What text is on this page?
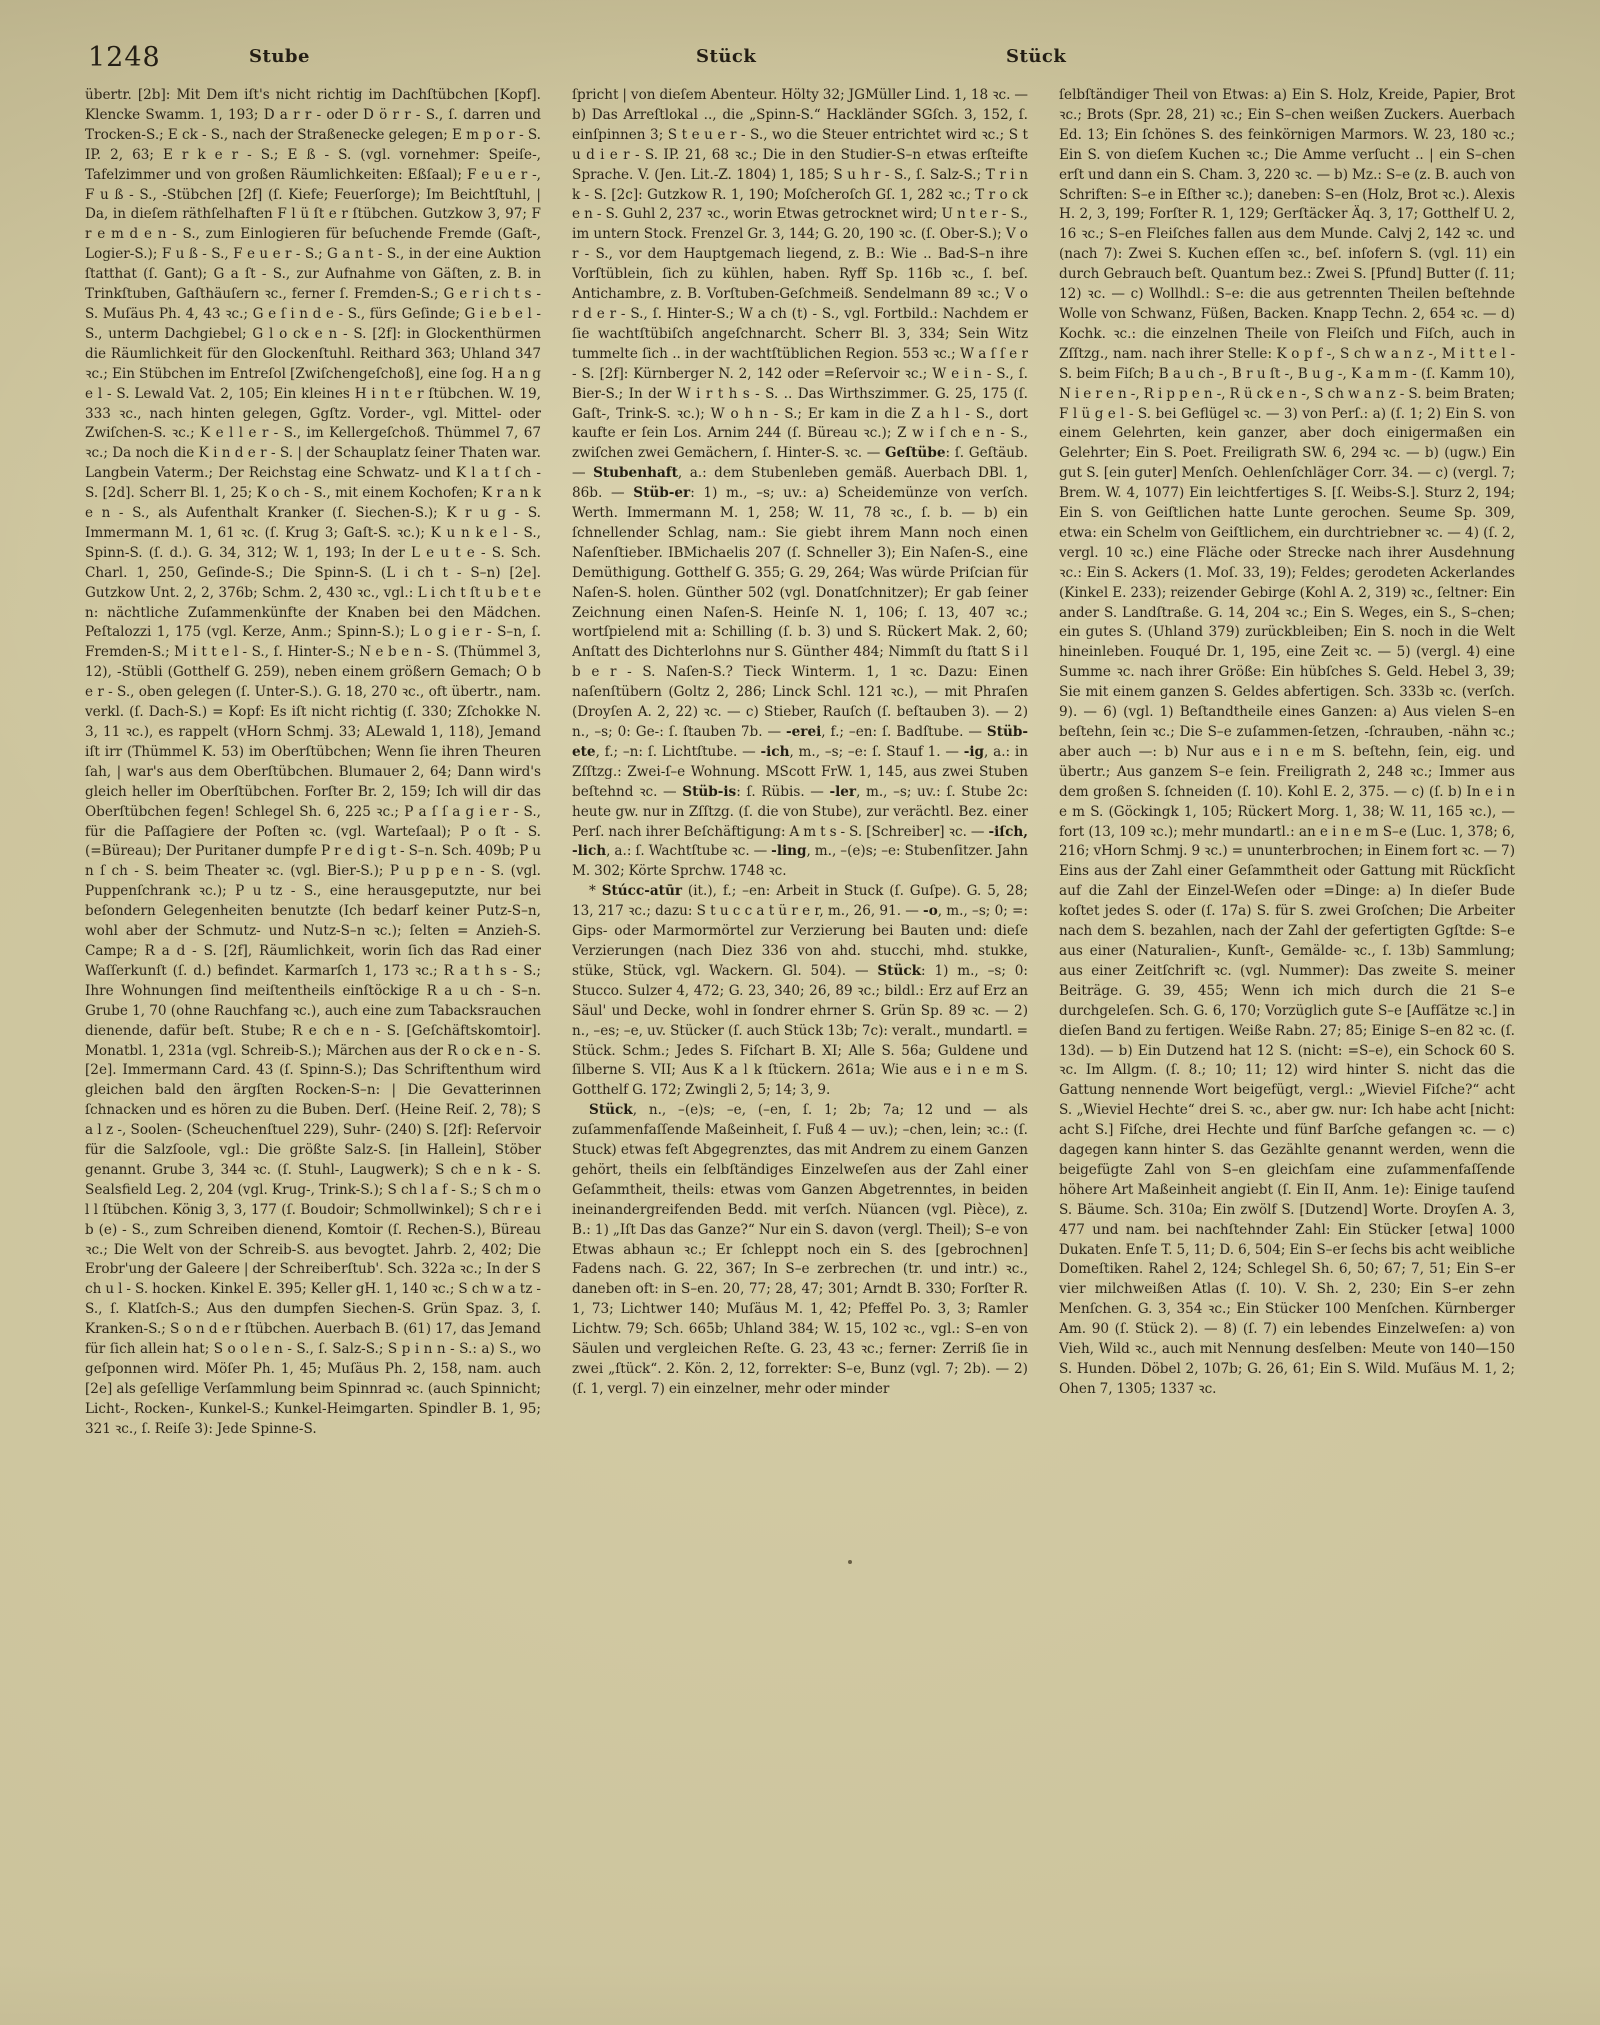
1248	Stube	Stück	Stück

übertr. [2b]: Mit Dem iſt's nicht richtig im Dachſtübchen [Kopf]. Klencke Swamm. 1, 193; D a r r - oder D ö r r - S., ſ. darren und Trocken-S.; E ck - S., nach der Straßenecke gelegen; E m p o r - S. IP. 2, 63; E r k e r - S.; E ß - S. (vgl. vornehmer: Speiſe-, Tafelzimmer und von großen Räumlichkeiten: Eßſaal); F e u e r -, F u ß - S., -Stübchen [2f] (ſ. Kiefe; Feuerſorge); Im Beichtſtuhl, | Da, in dieſem räthſelhaften F l ü ſt e r ſtübchen. Gutzkow 3, 97; F r e m d e n - S., zum Einlogieren für beſuchende Fremde (Gaſt-, Logier-S.); F u ß - S., F e u e r - S.; G a n t - S., in der eine Auktion ſtatthat (ſ. Gant); G a ſt - S., zur Aufnahme von Gäſten, z. B. in Trinkſtuben, Gaſthäuſern ꝛc., ferner ſ. Fremden-S.; G e r i ch t s - S. Muſäus Ph. 4, 43 ꝛc.; G e ſ i n d e - S., fürs Geſinde; G i e b e l - S., unterm Dachgiebel; G l o ck e n - S. [2f]: in Glockenthürmen die Räumlichkeit für den Glockenſtuhl. Reithard 363; Uhland 347 ꝛc.; Ein Stübchen im Entreſol [Zwiſchengeſchoß], eine ſog. H a n g e l - S. Lewald Vat. 2, 105; Ein kleines H i n t e r ſtübchen. W. 19, 333 ꝛc., nach hinten gelegen, Ggſtz. Vorder-, vgl. Mittel- oder Zwiſchen-S. ꝛc.; K e l l e r - S., im Kellergeſchoß. Thümmel 7, 67 ꝛc.; Da noch die K i n d e r - S. | der Schauplatz ſeiner Thaten war. Langbein Vaterm.; Der Reichstag eine Schwatz- und K l a t ſ ch - S. [2d]. Scherr Bl. 1, 25; K o ch - S., mit einem Kochofen; K r a n k e n - S., als Aufenthalt Kranker (ſ. Siechen-S.); K r u g - S. Immermann M. 1, 61 ꝛc. (ſ. Krug 3; Gaſt-S. ꝛc.); K u n k e l - S., Spinn-S. (ſ. d.). G. 34, 312; W. 1, 193; In der L e u t e - S. Sch. Charl. 1, 250, Geſinde-S.; Die Spinn-S. (L i ch t - S–n) [2e]. Gutzkow Unt. 2, 2, 376b; Schm. 2, 430 ꝛc., vgl.: L i ch t ſt u b e t e n: nächtliche Zuſammenkünfte der Knaben bei den Mädchen. Peſtalozzi 1, 175 (vgl. Kerze, Anm.; Spinn-S.); L o g i e r - S–n, ſ. Fremden-S.; M i t t e l - S., ſ. Hinter-S.; N e b e n - S. (Thümmel 3, 12), -Stübli (Gotthelf G. 259), neben einem größern Gemach; O b e r - S., oben gelegen (ſ. Unter-S.). G. 18, 270 ꝛc., oft übertr., nam. verkl. (ſ. Dach-S.) = Kopf: Es iſt nicht richtig (ſ. 330; Zſchokke N. 3, 11 ꝛc.), es rappelt (vHorn Schmj. 33; ALewald 1, 118), Jemand iſt irr (Thümmel K. 53) im Oberſtübchen; Wenn ſie ihren Theuren ſah, | war's aus dem Oberſtübchen. Blumauer 2, 64; Dann wird's gleich heller im Oberſtübchen. Forſter Br. 2, 159; Ich will dir das Oberſtübchen fegen! Schlegel Sh. 6, 225 ꝛc.; P a ſ ſ a g i e r - S., für die Paſſagiere der Poſten ꝛc. (vgl. Warteſaal); P o ſt - S. (=Büreau); Der Puritaner dumpfe P r e d i g t - S–n. Sch. 409b; P u n ſ ch - S. beim Theater ꝛc. (vgl. Bier-S.); P u p p e n - S. (vgl. Puppenſchrank ꝛc.); P u tz - S., eine herausgeputzte, nur bei beſondern Gelegenheiten benutzte (Ich bedarf keiner Putz-S–n, wohl aber der Schmutz- und Nutz-S–n ꝛc.); ſelten = Anzieh-S. Campe; R a d - S. [2f], Räumlichkeit, worin ſich das Rad einer Waſſerkunſt (ſ. d.) befindet. Karmarſch 1, 173 ꝛc.; R a t h s - S.; Ihre Wohnungen ſind meiſtentheils einſtöckige R a u ch - S–n. Grube 1, 70 (ohne Rauchfang ꝛc.), auch eine zum Tabacksrauchen dienende, dafür beſt. Stube; R e ch e n - S. [Geſchäftskomtoir]. Monatbl. 1, 231a (vgl. Schreib-S.); Märchen aus der R o ck e n - S. [2e]. Immermann Card. 43 (ſ. Spinn-S.); Das Schriftenthum wird gleichen bald den ärgſten Rocken-S–n: | Die Gevatterinnen ſchnacken und es hören zu die Buben. Derſ. (Heine Reiſ. 2, 78); S a l z -, Soolen- (Scheuchenſtuel 229), Suhr- (240) S. [2f]: Reſervoir für die Salzſoole, vgl.: Die größte Salz-S. [in Hallein], Stöber genannt. Grube 3, 344 ꝛc. (ſ. Stuhl-, Laugwerk); S ch e n k - S. Sealsfield Leg. 2, 204 (vgl. Krug-, Trink-S.); S ch l a f - S.; S ch m o l l ſtübchen. König 3, 3, 177 (ſ. Boudoir; Schmollwinkel); S ch r e i b (e) - S., zum Schreiben dienend, Komtoir (ſ. Rechen-S.), Büreau ꝛc.; Die Welt von der Schreib-S. aus bevogtet. Jahrb. 2, 402; Die Erobr'ung der Galeere | der Schreiberſtub'. Sch. 322a ꝛc.; In der S ch u l - S. hocken. Kinkel E. 395; Keller gH. 1, 140 ꝛc.; S ch w a tz - S., ſ. Klatſch-S.; Aus den dumpfen Siechen-S. Grün Spaz. 3, ſ. Kranken-S.; S o n d e r ſtübchen. Auerbach B. (61) 17, das Jemand für ſich allein hat; S o o l e n - S., ſ. Salz-S.; S p i n n - S.: a) S., wo geſponnen wird. Möſer Ph. 1, 45; Muſäus Ph. 2, 158, nam. auch [2e] als geſellige Verſammlung beim Spinnrad ꝛc. (auch Spinnicht; Licht-, Rocken-, Kunkel-S.; Kunkel-Heimgarten. Spindler B. 1, 95; 321 ꝛc., ſ. Reiſe 3): Jede Spinne-S.

ſpricht | von dieſem Abenteur. Hölty 32; JGMüller Lind. 1, 18 ꝛc. — b) Das Arreſtlokal .., die „Spinn-S.“ Hackländer SGſch. 3, 152, ſ. einſpinnen 3; S t e u e r - S., wo die Steuer entrichtet wird ꝛc.; S t u d i e r - S. IP. 21, 68 ꝛc.; Die in den Studier-S–n etwas erſteifte Sprache. V. (Jen. Lit.-Z. 1804) 1, 185; S u h r - S., ſ. Salz-S.; T r i n k - S. [2c]: Gutzkow R. 1, 190; Moſcheroſch Gſ. 1, 282 ꝛc.; T r o ck e n - S. Guhl 2, 237 ꝛc., worin Etwas getrocknet wird; U n t e r - S., im untern Stock. Frenzel Gr. 3, 144; G. 20, 190 ꝛc. (ſ. Ober-S.); V o r - S., vor dem Hauptgemach liegend, z. B.: Wie .. Bad-S–n ihre Vorſtüblein, ſich zu kühlen, haben. Ryff Sp. 116b ꝛc., ſ. beſ. Antichambre, z. B. Vorſtuben-Geſchmeiß. Sendelmann 89 ꝛc.; V o r d e r - S., ſ. Hinter-S.; W a ch (t) - S., vgl. Fortbild.: Nachdem er ſie wachtſtübiſch angeſchnarcht. Scherr Bl. 3, 334; Sein Witz tummelte ſich .. in der wachtſtüblichen Region. 553 ꝛc.; W a ſ ſ e r - S. [2f]: Kürnberger N. 2, 142 oder =Reſervoir ꝛc.; W e i n - S., ſ. Bier-S.; In der W i r t h s - S. .. Das Wirthszimmer. G. 25, 175 (ſ. Gaſt-, Trink-S. ꝛc.); W o h n - S.; Er kam in die Z a h l - S., dort kaufte er ſein Los. Arnim 244 (ſ. Büreau ꝛc.); Z w i ſ ch e n - S., zwiſchen zwei Gemächern, ſ. Hinter-S. ꝛc. — Geſtübe: ſ. Geſtäub. — Stubenhaft, a.: dem Stubenleben gemäß. Auerbach DBl. 1, 86b. — Stüb-er: 1) m., –s; uv.: a) Scheidemünze von verſch. Werth. Immermann M. 1, 258; W. 11, 78 ꝛc., ſ. b. — b) ein ſchnellender Schlag, nam.: Sie giebt ihrem Mann noch einen Naſenſtieber. IBMichaelis 207 (ſ. Schneller 3); Ein Naſen-S., eine Demüthigung. Gotthelf G. 355; G. 29, 264; Was würde Priſcian für Naſen-S. holen. Günther 502 (vgl. Donatſchnitzer); Er gab ſeiner Zeichnung einen Naſen-S. Heinſe N. 1, 106; ſ. 13, 407 ꝛc.; wortſpielend mit a: Schilling (ſ. b. 3) und S. Rückert Mak. 2, 60; Anſtatt des Dichterlohns nur S. Günther 484; Nimmſt du ſtatt S i l b e r - S. Naſen-S.? Tieck Winterm. 1, 1 ꝛc. Dazu: Einen naſenſtübern (Goltz 2, 286; Linck Schl. 121 ꝛc.), — mit Phraſen (Droyſen A. 2, 22) ꝛc. — c) Stieber, Rauſch (ſ. beſtauben 3). — 2) n., –s; 0: Ge-: ſ. ſtauben 7b. — -erei, f.; –en: ſ. Badſtube. — Stüb-ete, f.; –n: ſ. Lichtſtube. — -ich, m., –s; –e: ſ. Stauf 1. — -ig, a.: in Zſſtzg.: Zwei-ſ–e Wohnung. MScott FrW. 1, 145, aus zwei Stuben beſtehnd ꝛc. — Stüb-is: ſ. Rübis. — -ler, m., –s; uv.: ſ. Stube 2c: heute gw. nur in Zſſtzg. (ſ. die von Stube), zur verächtl. Bez. einer Perſ. nach ihrer Beſchäftigung: A m t s - S. [Schreiber] ꝛc. — -iſch, -lich, a.: ſ. Wachtſtube ꝛc. — -ling, m., –(e)s; –e: Stubenſitzer. Jahn M. 302; Körte Sprchw. 1748 ꝛc.

* Stúcc-atūr (it.), f.; –en: Arbeit in Stuck (ſ. Guſpe). G. 5, 28; 13, 217 ꝛc.; dazu: S t u c c a t ü r e r, m., 26, 91. — -o, m., –s; 0; =: Gips- oder Marmormörtel zur Verzierung bei Bauten und: dieſe Verzierungen (nach Diez 336 von ahd. stucchi, mhd. stukke, stüke, Stück, vgl. Wackern. Gl. 504). — Stück: 1) m., –s; 0: Stucco. Sulzer 4, 472; G. 23, 340; 26, 89 ꝛc.; bildl.: Erz auf Erz an Säul' und Decke, wohl in ſondrer ehrner S. Grün Sp. 89 ꝛc. — 2) n., –es; –e, uv. Stücker (ſ. auch Stück 13b; 7c): veralt., mundartl. = Stück. Schm.; Jedes S. Fiſchart B. XI; Alle S. 56a; Guldene und ſilberne S. VII; Aus K a l k ſtückern. 261a; Wie aus e i n e m S. Gotthelf G. 172; Zwingli 2, 5; 14; 3, 9.

Stück, n., –(e)s; –e, (–en, ſ. 1; 2b; 7a; 12 und — als zuſammenfaſſende Maßeinheit, ſ. Fuß 4 — uv.); –chen, lein; ꝛc.: (ſ. Stuck) etwas feſt Abgegrenztes, das mit Andrem zu einem Ganzen gehört, theils ein ſelbſtändiges Einzelweſen aus der Zahl einer Geſammtheit, theils: etwas vom Ganzen Abgetrenntes, in beiden ineinandergreifenden Bedd. mit verſch. Nüancen (vgl. Pièce), z. B.: 1) „Iſt Das das Ganze?“ Nur ein S. davon (vergl. Theil); S–e von Etwas abhaun ꝛc.; Er ſchleppt noch ein S. des [gebrochnen] Fadens nach. G. 22, 367; In S–e zerbrechen (tr. und intr.) ꝛc., daneben oft: in S–en. 20, 77; 28, 47; 301; Arndt B. 330; Forſter R. 1, 73; Lichtwer 140; Muſäus M. 1, 42; Pfeffel Po. 3, 3; Ramler Lichtw. 79; Sch. 665b; Uhland 384; W. 15, 102 ꝛc., vgl.: S–en von Säulen und vergleichen Reſte. G. 23, 43 ꝛc.; ferner: Zerriß ſie in zwei „ſtück“. 2. Kön. 2, 12, forrekter: S–e, Bunz (vgl. 7; 2b). — 2) (ſ. 1, vergl. 7) ein einzelner, mehr oder minder

ſelbſtändiger Theil von Etwas: a) Ein S. Holz, Kreide, Papier, Brot ꝛc.; Brots (Spr. 28, 21) ꝛc.; Ein S–chen weißen Zuckers. Auerbach Ed. 13; Ein ſchönes S. des feinkörnigen Marmors. W. 23, 180 ꝛc.; Ein S. von dieſem Kuchen ꝛc.; Die Amme verſucht .. | ein S–chen erſt und dann ein S. Cham. 3, 220 ꝛc. — b) Mz.: S–e (z. B. auch von Schriften: S–e in Eſther ꝛc.); daneben: S–en (Holz, Brot ꝛc.). Alexis H. 2, 3, 199; Forſter R. 1, 129; Gerſtäcker Äq. 3, 17; Gotthelf U. 2, 16 ꝛc.; S–en Fleiſches fallen aus dem Munde. Calvj 2, 142 ꝛc. und (nach 7): Zwei S. Kuchen eſſen ꝛc., beſ. inſofern S. (vgl. 11) ein durch Gebrauch beſt. Quantum bez.: Zwei S. [Pfund] Butter (ſ. 11; 12) ꝛc. — c) Wollhdl.: S–e: die aus getrennten Theilen beſtehnde Wolle von Schwanz, Füßen, Backen. Knapp Techn. 2, 654 ꝛc. — d) Kochk. ꝛc.: die einzelnen Theile von Fleiſch und Fiſch, auch in Zſſtzg., nam. nach ihrer Stelle: K o p f -, S ch w a n z -, M i t t e l - S. beim Fiſch; B a u ch -, B r u ſt -, B u g -, K a m m - (ſ. Kamm 10), N i e r e n -, R i p p e n -, R ü ck e n -, S ch w a n z - S. beim Braten; F l ü g e l - S. bei Geflügel ꝛc. — 3) von Perſ.: a) (ſ. 1; 2) Ein S. von einem Gelehrten, kein ganzer, aber doch einigermaßen ein Gelehrter; Ein S. Poet. Freiligrath SW. 6, 294 ꝛc. — b) (ugw.) Ein gut S. [ein guter] Menſch. Oehlenſchläger Corr. 34. — c) (vergl. 7; Brem. W. 4, 1077) Ein leichtfertiges S. [ſ. Weibs-S.]. Sturz 2, 194; Ein S. von Geiſtlichen hatte Lunte gerochen. Seume Sp. 309, etwa: ein Schelm von Geiſtlichem, ein durchtriebner ꝛc. — 4) (ſ. 2, vergl. 10 ꝛc.) eine Fläche oder Strecke nach ihrer Ausdehnung ꝛc.: Ein S. Ackers (1. Moſ. 33, 19); Feldes; gerodeten Ackerlandes (Kinkel E. 233); reizender Gebirge (Kohl A. 2, 319) ꝛc., ſeltner: Ein ander S. Landſtraße. G. 14, 204 ꝛc.; Ein S. Weges, ein S., S–chen; ein gutes S. (Uhland 379) zurückbleiben; Ein S. noch in die Welt hineinleben. Fouqué Dr. 1, 195, eine Zeit ꝛc. — 5) (vergl. 4) eine Summe ꝛc. nach ihrer Größe: Ein hübſches S. Geld. Hebel 3, 39; Sie mit einem ganzen S. Geldes abfertigen. Sch. 333b ꝛc. (verſch. 9). — 6) (vgl. 1) Beſtandtheile eines Ganzen: a) Aus vielen S–en beſtehn, ſein ꝛc.; Die S–e zuſammen-ſetzen, -ſchrauben, -nähn ꝛc.; aber auch —: b) Nur aus e i n e m S. beſtehn, ſein, eig. und übertr.; Aus ganzem S–e ſein. Freiligrath 2, 248 ꝛc.; Immer aus dem großen S. ſchneiden (ſ. 10). Kohl E. 2, 375. — c) (ſ. b) In e i n e m S. (Göckingk 1, 105; Rückert Morg. 1, 38; W. 11, 165 ꝛc.), — fort (13, 109 ꝛc.); mehr mundartl.: an e i n e m S–e (Luc. 1, 378; 6, 216; vHorn Schmj. 9 ꝛc.) = ununterbrochen; in Einem fort ꝛc. — 7) Eins aus der Zahl einer Geſammtheit oder Gattung mit Rückſicht auf die Zahl der Einzel-Weſen oder =Dinge: a) In dieſer Bude koſtet jedes S. oder (ſ. 17a) S. für S. zwei Groſchen; Die Arbeiter nach dem S. bezahlen, nach der Zahl der gefertigten Ggſtde: S–e aus einer (Naturalien-, Kunſt-, Gemälde- ꝛc., ſ. 13b) Sammlung; aus einer Zeitſchrift ꝛc. (vgl. Nummer): Das zweite S. meiner Beiträge. G. 39, 455; Wenn ich mich durch die 21 S–e durchgeleſen. Sch. G. 6, 170; Vorzüglich gute S–e [Aufſätze ꝛc.] in dieſen Band zu fertigen. Weiße Rabn. 27; 85; Einige S–en 82 ꝛc. (ſ. 13d). — b) Ein Dutzend hat 12 S. (nicht: =S–e), ein Schock 60 S. ꝛc. Im Allgm. (ſ. 8.; 10; 11; 12) wird hinter S. nicht das die Gattung nennende Wort beigefügt, vergl.: „Wieviel Fiſche?“ acht S. „Wieviel Hechte“ drei S. ꝛc., aber gw. nur: Ich habe acht [nicht: acht S.] Fiſche, drei Hechte und fünf Barſche gefangen ꝛc. — c) dagegen kann hinter S. das Gezählte genannt werden, wenn die beigefügte Zahl von S–en gleichſam eine zuſammenfaſſende höhere Art Maßeinheit angiebt (ſ. Ein II, Anm. 1e): Einige tauſend S. Bäume. Sch. 310a; Ein zwölf S. [Dutzend] Worte. Droyſen A. 3, 477 und nam. bei nachſtehnder Zahl: Ein Stücker [etwa] 1000 Dukaten. Enſe T. 5, 11; D. 6, 504; Ein S–er ſechs bis acht weibliche Domeſtiken. Rahel 2, 124; Schlegel Sh. 6, 50; 67; 7, 51; Ein S–er vier milchweißen Atlas (ſ. 10). V. Sh. 2, 230; Ein S–er zehn Menſchen. G. 3, 354 ꝛc.; Ein Stücker 100 Menſchen. Kürnberger Am. 90 (ſ. Stück 2). — 8) (ſ. 7) ein lebendes Einzelweſen: a) von Vieh, Wild ꝛc., auch mit Nennung desſelben: Meute von 140—150 S. Hunden. Döbel 2, 107b; G. 26, 61; Ein S. Wild. Muſäus M. 1, 2; Ohen 7, 1305; 1337 ꝛc.
